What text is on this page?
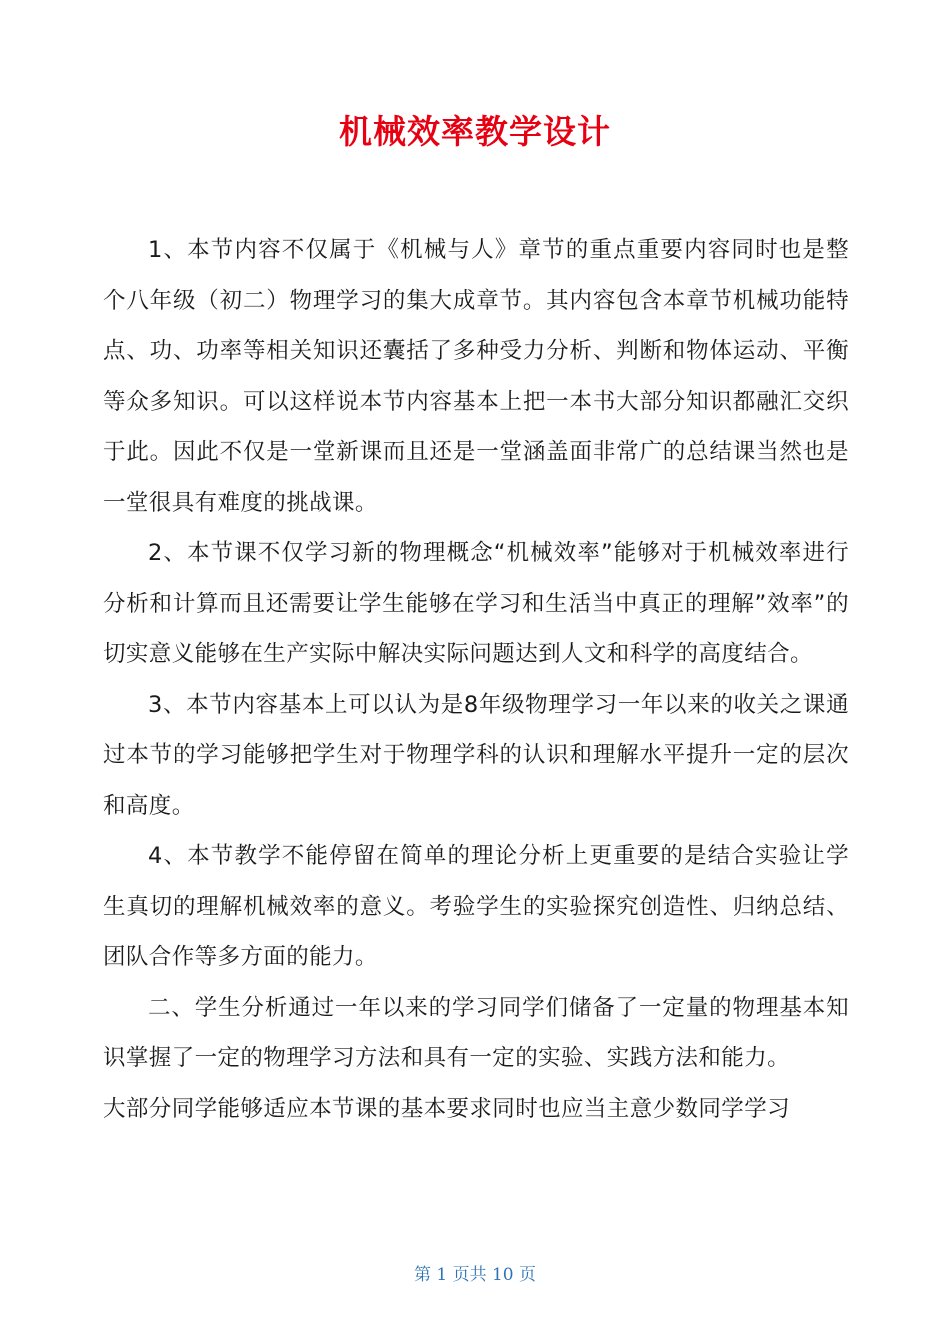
机械效率教学设计

1、本节内容不仅属于《机械与人》章节的重点重要内容同时也是整个八年级（初二）物理学习的集大成章节。其内容包含本章节机械功能特点、功、功率等相关知识还囊括了多种受力分析、判断和物体运动、平衡等众多知识。可以这样说本节内容基本上把一本书大部分知识都融汇交织于此。因此不仅是一堂新课而且还是一堂涵盖面非常广的总结课当然也是一堂很具有难度的挑战课。

2、本节课不仅学习新的物理概念“机械效率”能够对于机械效率进行分析和计算而且还需要让学生能够在学习和生活当中真正的理解”效率”的切实意义能够在生产实际中解决实际问题达到人文和科学的高度结合。

3、本节内容基本上可以认为是8年级物理学习一年以来的收关之课通过本节的学习能够把学生对于物理学科的认识和理解水平提升一定的层次和高度。

4、本节教学不能停留在简单的理论分析上更重要的是结合实验让学生真切的理解机械效率的意义。考验学生的实验探究创造性、归纳总结、团队合作等多方面的能力。

二、学生分析通过一年以来的学习同学们储备了一定量的物理基本知识掌握了一定的物理学习方法和具有一定的实验、实践方法和能力。

大部分同学能够适应本节课的基本要求同时也应当主意少数同学学习

第 1 页共 10 页
